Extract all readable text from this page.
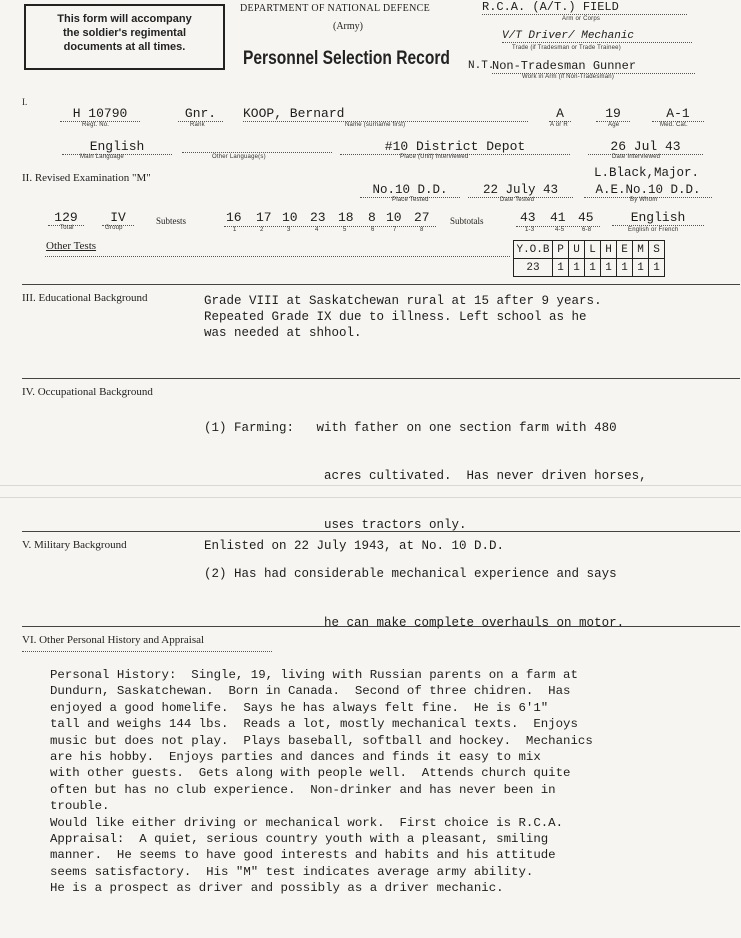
This form will accompany
the soldier's regimental
documents at all times.
DEPARTMENT OF NATIONAL DEFENCE
(Army)
Personnel Selection Record
R.C.A. (A/T.) FIELD
Arm or Corps
V/T Driver/ Mechanic
Trade (if Tradesman or Trade Trainee)
N.T.
Non-Tradesman Gunner
Work in Arm (if Non-Tradesman)
I.
H 10790
Regt. No.
Gnr.
Rank
KOOP, Bernard
Name (surname first)
A
A or R
19
Age
A-1
Med. Cat.
English
Main Language	Other Language(s)
#10 District Depot
Place (Unit) Interviewed
26 Jul 43
Date Interviewed
II. Revised Examination "M"	L.Black,Major.
No.10 D.D.
Place Tested
22 July 43
Date Tested
A.E.No.10 D.D.
By Whom
129
Total
IV
Group
Subtests	16 17 10 23 18 8 10 27
1	2	3	4	5	6	7	8
Subtotals	43 41 45
1-3	4-5	6-8
English
English or French
Other Tests	Y.O.B	P	U	L	H	E	M	S
23	1	1	1	1	1	1	1
III. Educational Background	Grade VIII at Saskatchewan rural at 15 after 9 years.
Repeated Grade IX due to illness. Left school as he
was needed at shhool.
IV. Occupational Background

(1) Farming:   with father on one section farm with 480

acres cultivated.  Has never driven horses,

uses tractors only.

(2) Has had considerable mechanical experience and says

he can make complete overhauls on motor.

V. Military Background	Enlisted on 22 July 1943, at No. 10 D.D.
VI. Other Personal History and Appraisal
Personal History:  Single, 19, living with Russian parents on a farm at
Dundurn, Saskatchewan.  Born in Canada.  Second of three chidren.  Has
enjoyed a good homelife.  Says he has always felt fine.  He is 6'1"
tall and weighs 144 lbs.  Reads a lot, mostly mechanical texts.  Enjoys
music but does not play.  Plays baseball, softball and hockey.  Mechanics
are his hobby.  Enjoys parties and dances and finds it easy to mix
with other guests.  Gets along with people well.  Attends church quite
often but has no club experience.  Non-drinker and has never been in
trouble.
Would like either driving or mechanical work.  First choice is R.C.A.
Appraisal:  A quiet, serious country youth with a pleasant, smiling
manner.  He seems to have good interests and habits and his attitude
seems satisfactory.  His "M" test indicates average army ability.
He is a prospect as driver and possibly as a driver mechanic.
